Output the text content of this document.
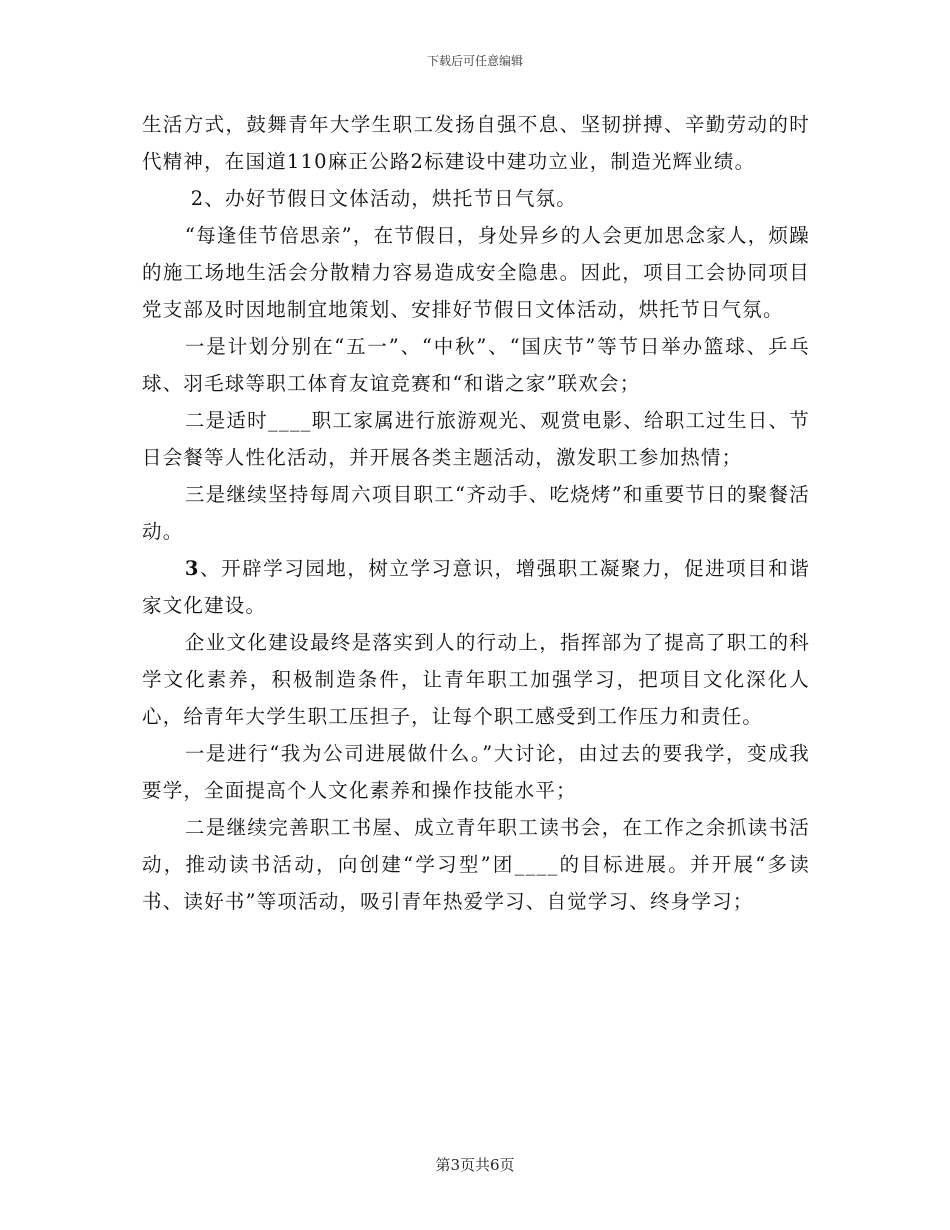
下载后可任意编辑

生活方式，鼓舞青年大学生职工发扬自强不息、坚韧拼搏、辛勤劳动的时代精神，在国道110麻正公路2标建设中建功立业，制造光辉业绩。

2、办好节假日文体活动，烘托节日气氛。

“每逢佳节倍思亲”，在节假日，身处异乡的人会更加思念家人，烦躁的施工场地生活会分散精力容易造成安全隐患。因此，项目工会协同项目党支部及时因地制宜地策划、安排好节假日文体活动，烘托节日气氛。

一是计划分别在“五一”、“中秋”、“国庆节”等节日举办篮球、乒乓球、羽毛球等职工体育友谊竞赛和“和谐之家”联欢会；

二是适时____职工家属进行旅游观光、观赏电影、给职工过生日、节日会餐等人性化活动，并开展各类主题活动，激发职工参加热情；

三是继续坚持每周六项目职工“齐动手、吃烧烤”和重要节日的聚餐活动。

3、开辟学习园地，树立学习意识，增强职工凝聚力，促进项目和谐家文化建设。

企业文化建设最终是落实到人的行动上，指挥部为了提高了职工的科学文化素养，积极制造条件，让青年职工加强学习，把项目文化深化人心，给青年大学生职工压担子，让每个职工感受到工作压力和责任。

一是进行“我为公司进展做什么。”大讨论，由过去的要我学，变成我要学，全面提高个人文化素养和操作技能水平；

二是继续完善职工书屋、成立青年职工读书会，在工作之余抓读书活动，推动读书活动，向创建“学习型”团____的目标进展。并开展“多读书、读好书”等项活动，吸引青年热爱学习、自觉学习、终身学习；

第3页共6页
